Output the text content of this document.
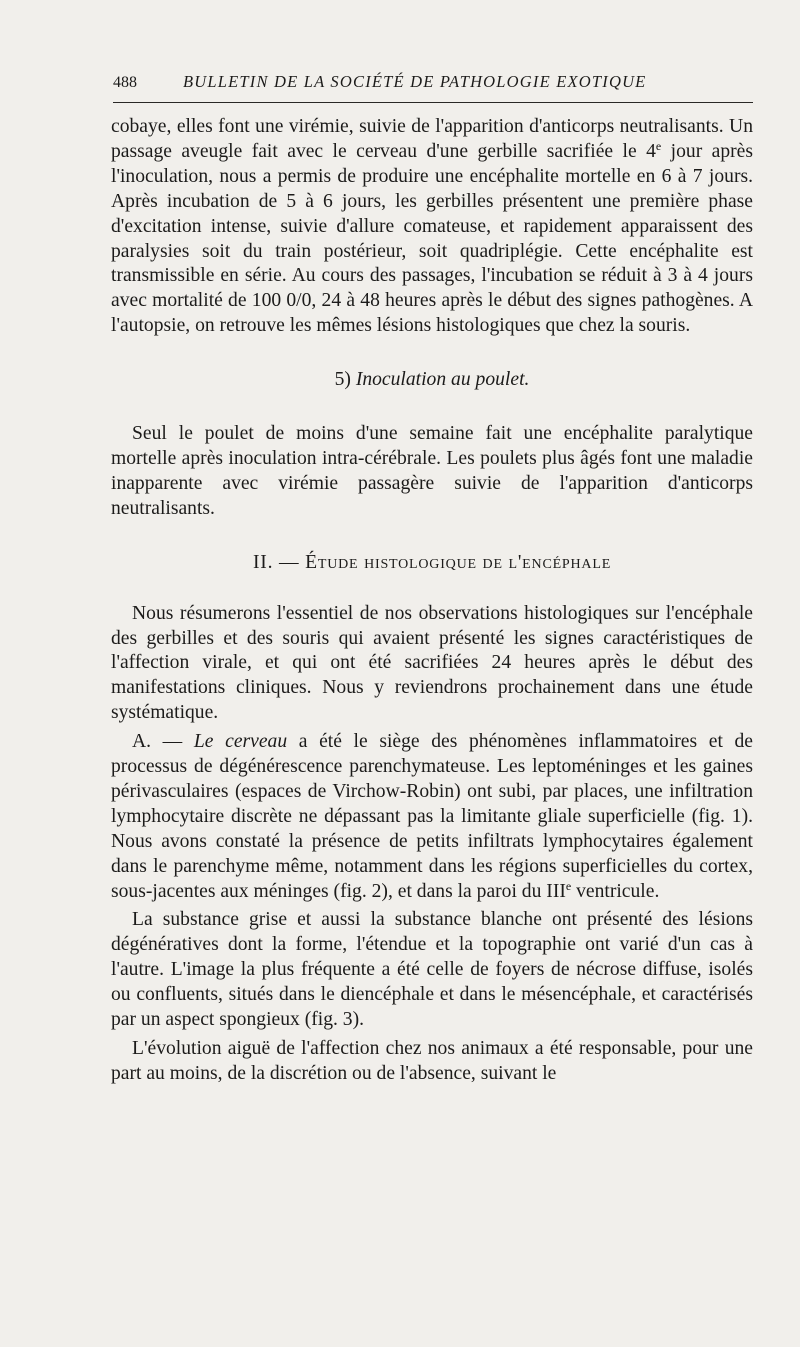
488	BULLETIN DE LA SOCIÉTÉ DE PATHOLOGIE EXOTIQUE

cobaye, elles font une virémie, suivie de l'apparition d'anticorps neutralisants. Un passage aveugle fait avec le cerveau d'une gerbille sacrifiée le 4e jour après l'inoculation, nous a permis de produire une encéphalite mortelle en 6 à 7 jours. Après incubation de 5 à 6 jours, les gerbilles présentent une première phase d'excitation intense, suivie d'allure comateuse, et rapidement apparaissent des paralysies soit du train postérieur, soit quadriplégie. Cette encéphalite est transmissible en série. Au cours des passages, l'incubation se réduit à 3 à 4 jours avec mortalité de 100 0/0, 24 à 48 heures après le début des signes pathogènes. A l'autopsie, on retrouve les mêmes lésions histologiques que chez la souris.

5) Inoculation au poulet.

Seul le poulet de moins d'une semaine fait une encéphalite paralytique mortelle après inoculation intra-cérébrale. Les poulets plus âgés font une maladie inapparente avec virémie passagère suivie de l'apparition d'anticorps neutralisants.

II. — Étude histologique de l'encéphale

Nous résumerons l'essentiel de nos observations histologiques sur l'encéphale des gerbilles et des souris qui avaient présenté les signes caractéristiques de l'affection virale, et qui ont été sacrifiées 24 heures après le début des manifestations cliniques. Nous y reviendrons prochainement dans une étude systématique.

A. — Le cerveau a été le siège des phénomènes inflammatoires et de processus de dégénérescence parenchymateuse. Les leptoméninges et les gaines périvasculaires (espaces de Virchow-Robin) ont subi, par places, une infiltration lymphocytaire discrète ne dépassant pas la limitante gliale superficielle (fig. 1). Nous avons constaté la présence de petits infiltrats lymphocytaires également dans le parenchyme même, notamment dans les régions superficielles du cortex, sous-jacentes aux méninges (fig. 2), et dans la paroi du IIIe ventricule.

La substance grise et aussi la substance blanche ont présenté des lésions dégénératives dont la forme, l'étendue et la topographie ont varié d'un cas à l'autre. L'image la plus fréquente a été celle de foyers de nécrose diffuse, isolés ou confluents, situés dans le diencéphale et dans le mésencéphale, et caractérisés par un aspect spongieux (fig. 3).

L'évolution aiguë de l'affection chez nos animaux a été responsable, pour une part au moins, de la discrétion ou de l'absence, suivant le
